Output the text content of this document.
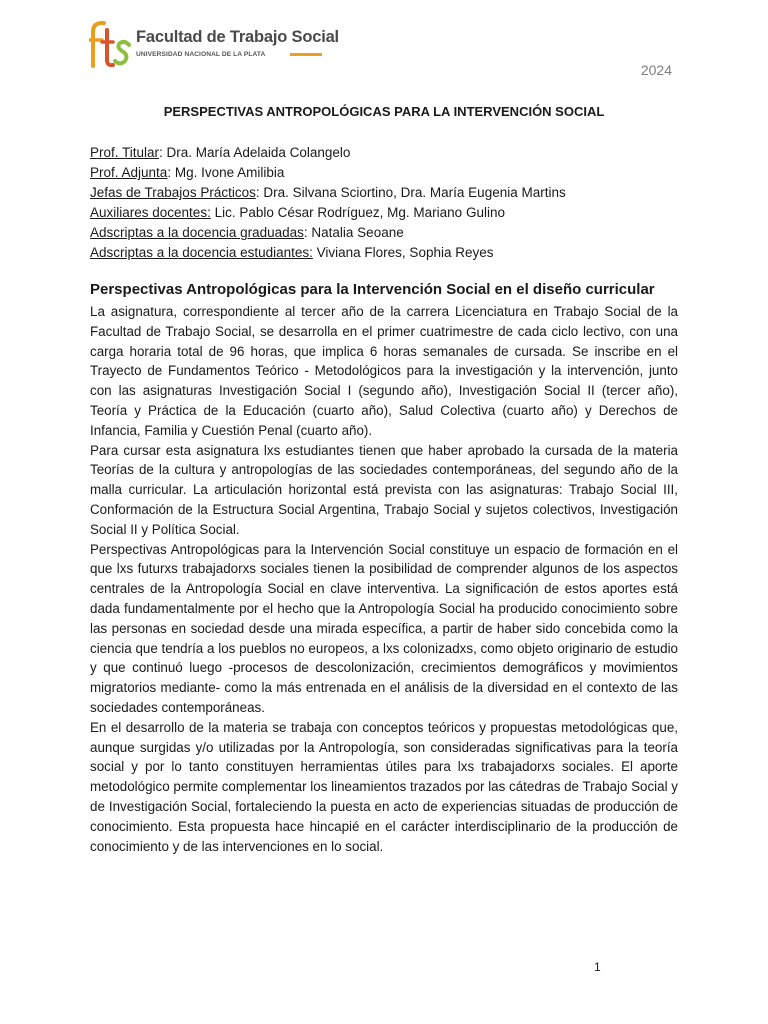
Facultad de Trabajo Social
UNIVERSIDAD NACIONAL DE LA PLATA
2024
PERSPECTIVAS ANTROPOLÓGICAS PARA LA INTERVENCIÓN SOCIAL
Prof. Titular: Dra. María Adelaida Colangelo
Prof. Adjunta: Mg. Ivone Amilibia
Jefas de Trabajos Prácticos: Dra. Silvana Sciortino, Dra. María Eugenia Martins
Auxiliares docentes: Lic. Pablo César Rodríguez, Mg. Mariano Gulino
Adscriptas a la docencia graduadas: Natalia Seoane
Adscriptas a la docencia estudiantes: Viviana Flores, Sophia Reyes
Perspectivas Antropológicas para la Intervención Social en el diseño curricular

La asignatura, correspondiente al tercer año de la carrera Licenciatura en Trabajo Social de la Facultad de Trabajo Social, se desarrolla en el primer cuatrimestre de cada ciclo lectivo, con una carga horaria total de 96 horas, que implica 6 horas semanales de cursada. Se inscribe en el Trayecto de Fundamentos Teórico - Metodológicos para la investigación y la intervención, junto con las asignaturas Investigación Social I (segundo año), Investigación Social II (tercer año), Teoría y Práctica de la Educación (cuarto año), Salud Colectiva (cuarto año) y Derechos de Infancia, Familia y Cuestión Penal (cuarto año).

Para cursar esta asignatura lxs estudiantes tienen que haber aprobado la cursada de la materia Teorías de la cultura y antropologías de las sociedades contemporáneas, del segundo año de la malla curricular. La articulación horizontal está prevista con las asignaturas: Trabajo Social III, Conformación de la Estructura Social Argentina, Trabajo Social y sujetos colectivos, Investigación Social II y Política Social.

Perspectivas Antropológicas para la Intervención Social constituye un espacio de formación en el que lxs futurxs trabajadorxs sociales tienen la posibilidad de comprender algunos de los aspectos centrales de la Antropología Social en clave interventiva. La significación de estos aportes está dada fundamentalmente por el hecho que la Antropología Social ha producido conocimiento sobre las personas en sociedad desde una mirada específica, a partir de haber sido concebida como la ciencia que tendría a los pueblos no europeos, a lxs colonizadxs, como objeto originario de estudio y que continuó luego -procesos de descolonización, crecimientos demográficos y movimientos migratorios mediante- como la más entrenada en el análisis de la diversidad en el contexto de las sociedades contemporáneas.

En el desarrollo de la materia se trabaja con conceptos teóricos y propuestas metodológicas que, aunque surgidas y/o utilizadas por la Antropología, son consideradas significativas para la teoría social y por lo tanto constituyen herramientas útiles para lxs trabajadorxs sociales. El aporte metodológico permite complementar los lineamientos trazados por las cátedras de Trabajo Social y de Investigación Social, fortaleciendo la puesta en acto de experiencias situadas de producción de conocimiento. Esta propuesta hace hincapié en el carácter interdisciplinario de la producción de conocimiento y de las intervenciones en lo social.

1
